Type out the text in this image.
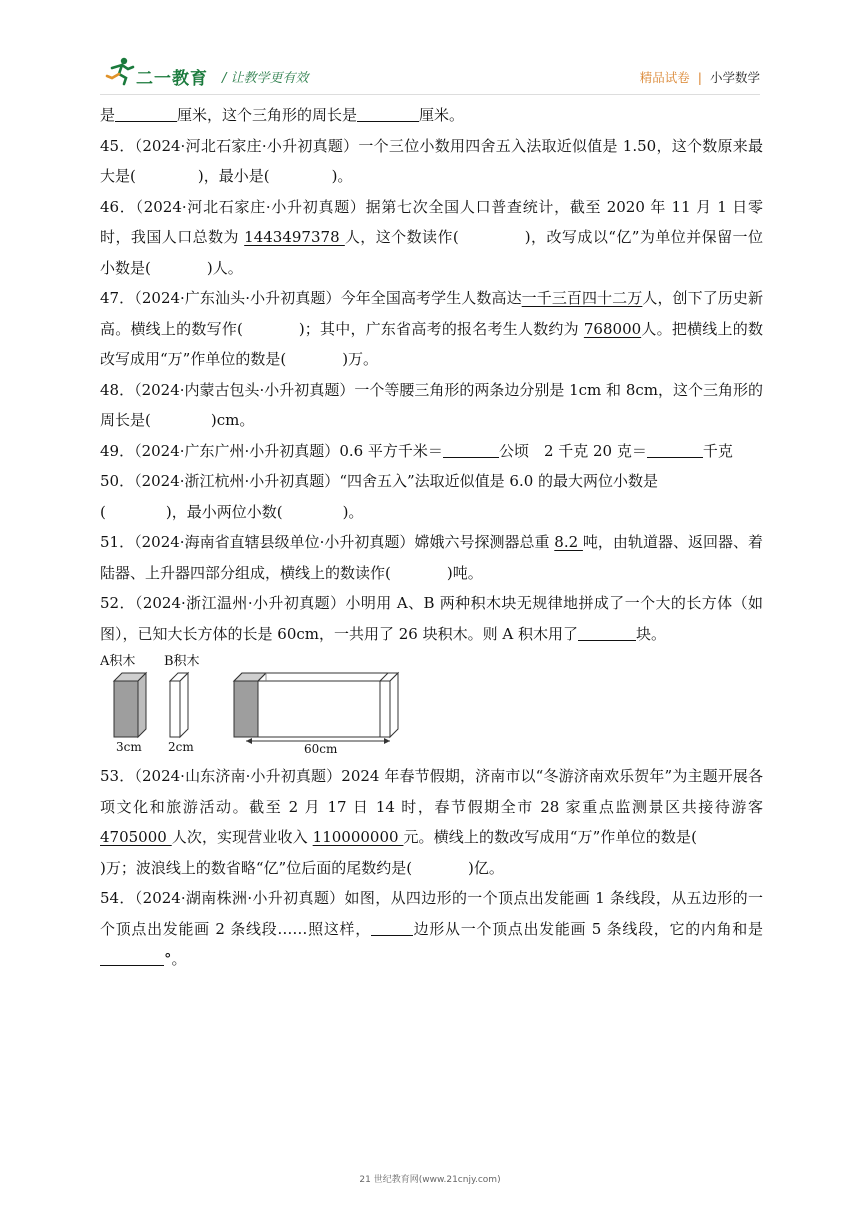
二一教育 / 让教学更有效	精品试卷 | 小学数学

是	厘米，这个三角形的周长是	厘米。

45．（2024·河北石家庄·小升初真题）一个三位小数用四舍五入法取近似值是 1.50，这个数原来最大是(	)，最小是(	)。

46．（2024·河北石家庄·小升初真题）据第七次全国人口普查统计，截至 2020 年 11 月 1 日零时，我国人口总数为 1443497378 人，这个数读作(	)，改写成以“亿”为单位并保留一位小数是(	)人。

47．（2024·广东汕头·小升初真题）今年全国高考学生人数高达一千三百四十二万人，创下了历史新高。横线上的数写作(	)；其中，广东省高考的报名考生人数约为 768000人。把横线上的数改写成用“万”作单位的数是(	)万。

48．（2024·内蒙古包头·小升初真题）一个等腰三角形的两条边分别是 1cm 和 8cm，这个三角形的周长是(	)cm。

49．（2024·广东广州·小升初真题）0.6 平方千米＝	公顷　2 千克 20 克＝	千克

50．（2024·浙江杭州·小升初真题）“四舍五入”法取近似值是 6.0 的最大两位小数是
(	)，最小两位小数(	)。

51．（2024·海南省直辖县级单位·小升初真题）嫦娥六号探测器总重 8.2 吨，由轨道器、返回器、着陆器、上升器四部分组成，横线上的数读作(	)吨。

52．（2024·浙江温州·小升初真题）小明用 A、B 两种积木块无规律地拼成了一个大的长方体（如图），已知大长方体的长是 60cm，一共用了 26 块积木。则 A 积木用了	块。

A积木 B积木
3cm 2cm	60cm

53．（2024·山东济南·小升初真题）2024 年春节假期，济南市以“冬游济南欢乐贺年”为主题开展各项文化和旅游活动。截至 2 月 17 日 14 时，春节假期全市 28 家重点监测景区共接待游客 4705000 人次，实现营业收入 110000000 元。横线上的数改写成用“万”作单位的数是()万；波浪线上的数省略“亿”位后面的尾数约是(	)亿。

54．（2024·湖南株洲·小升初真题）如图，从四边形的一个顶点出发能画 1 条线段，从五边形的一个顶点出发能画 2 条线段……照这样，	边形从一个顶点出发能画 5 条线段，它的内角和是°。

21 世纪教育网(www.21cnjy.com)
